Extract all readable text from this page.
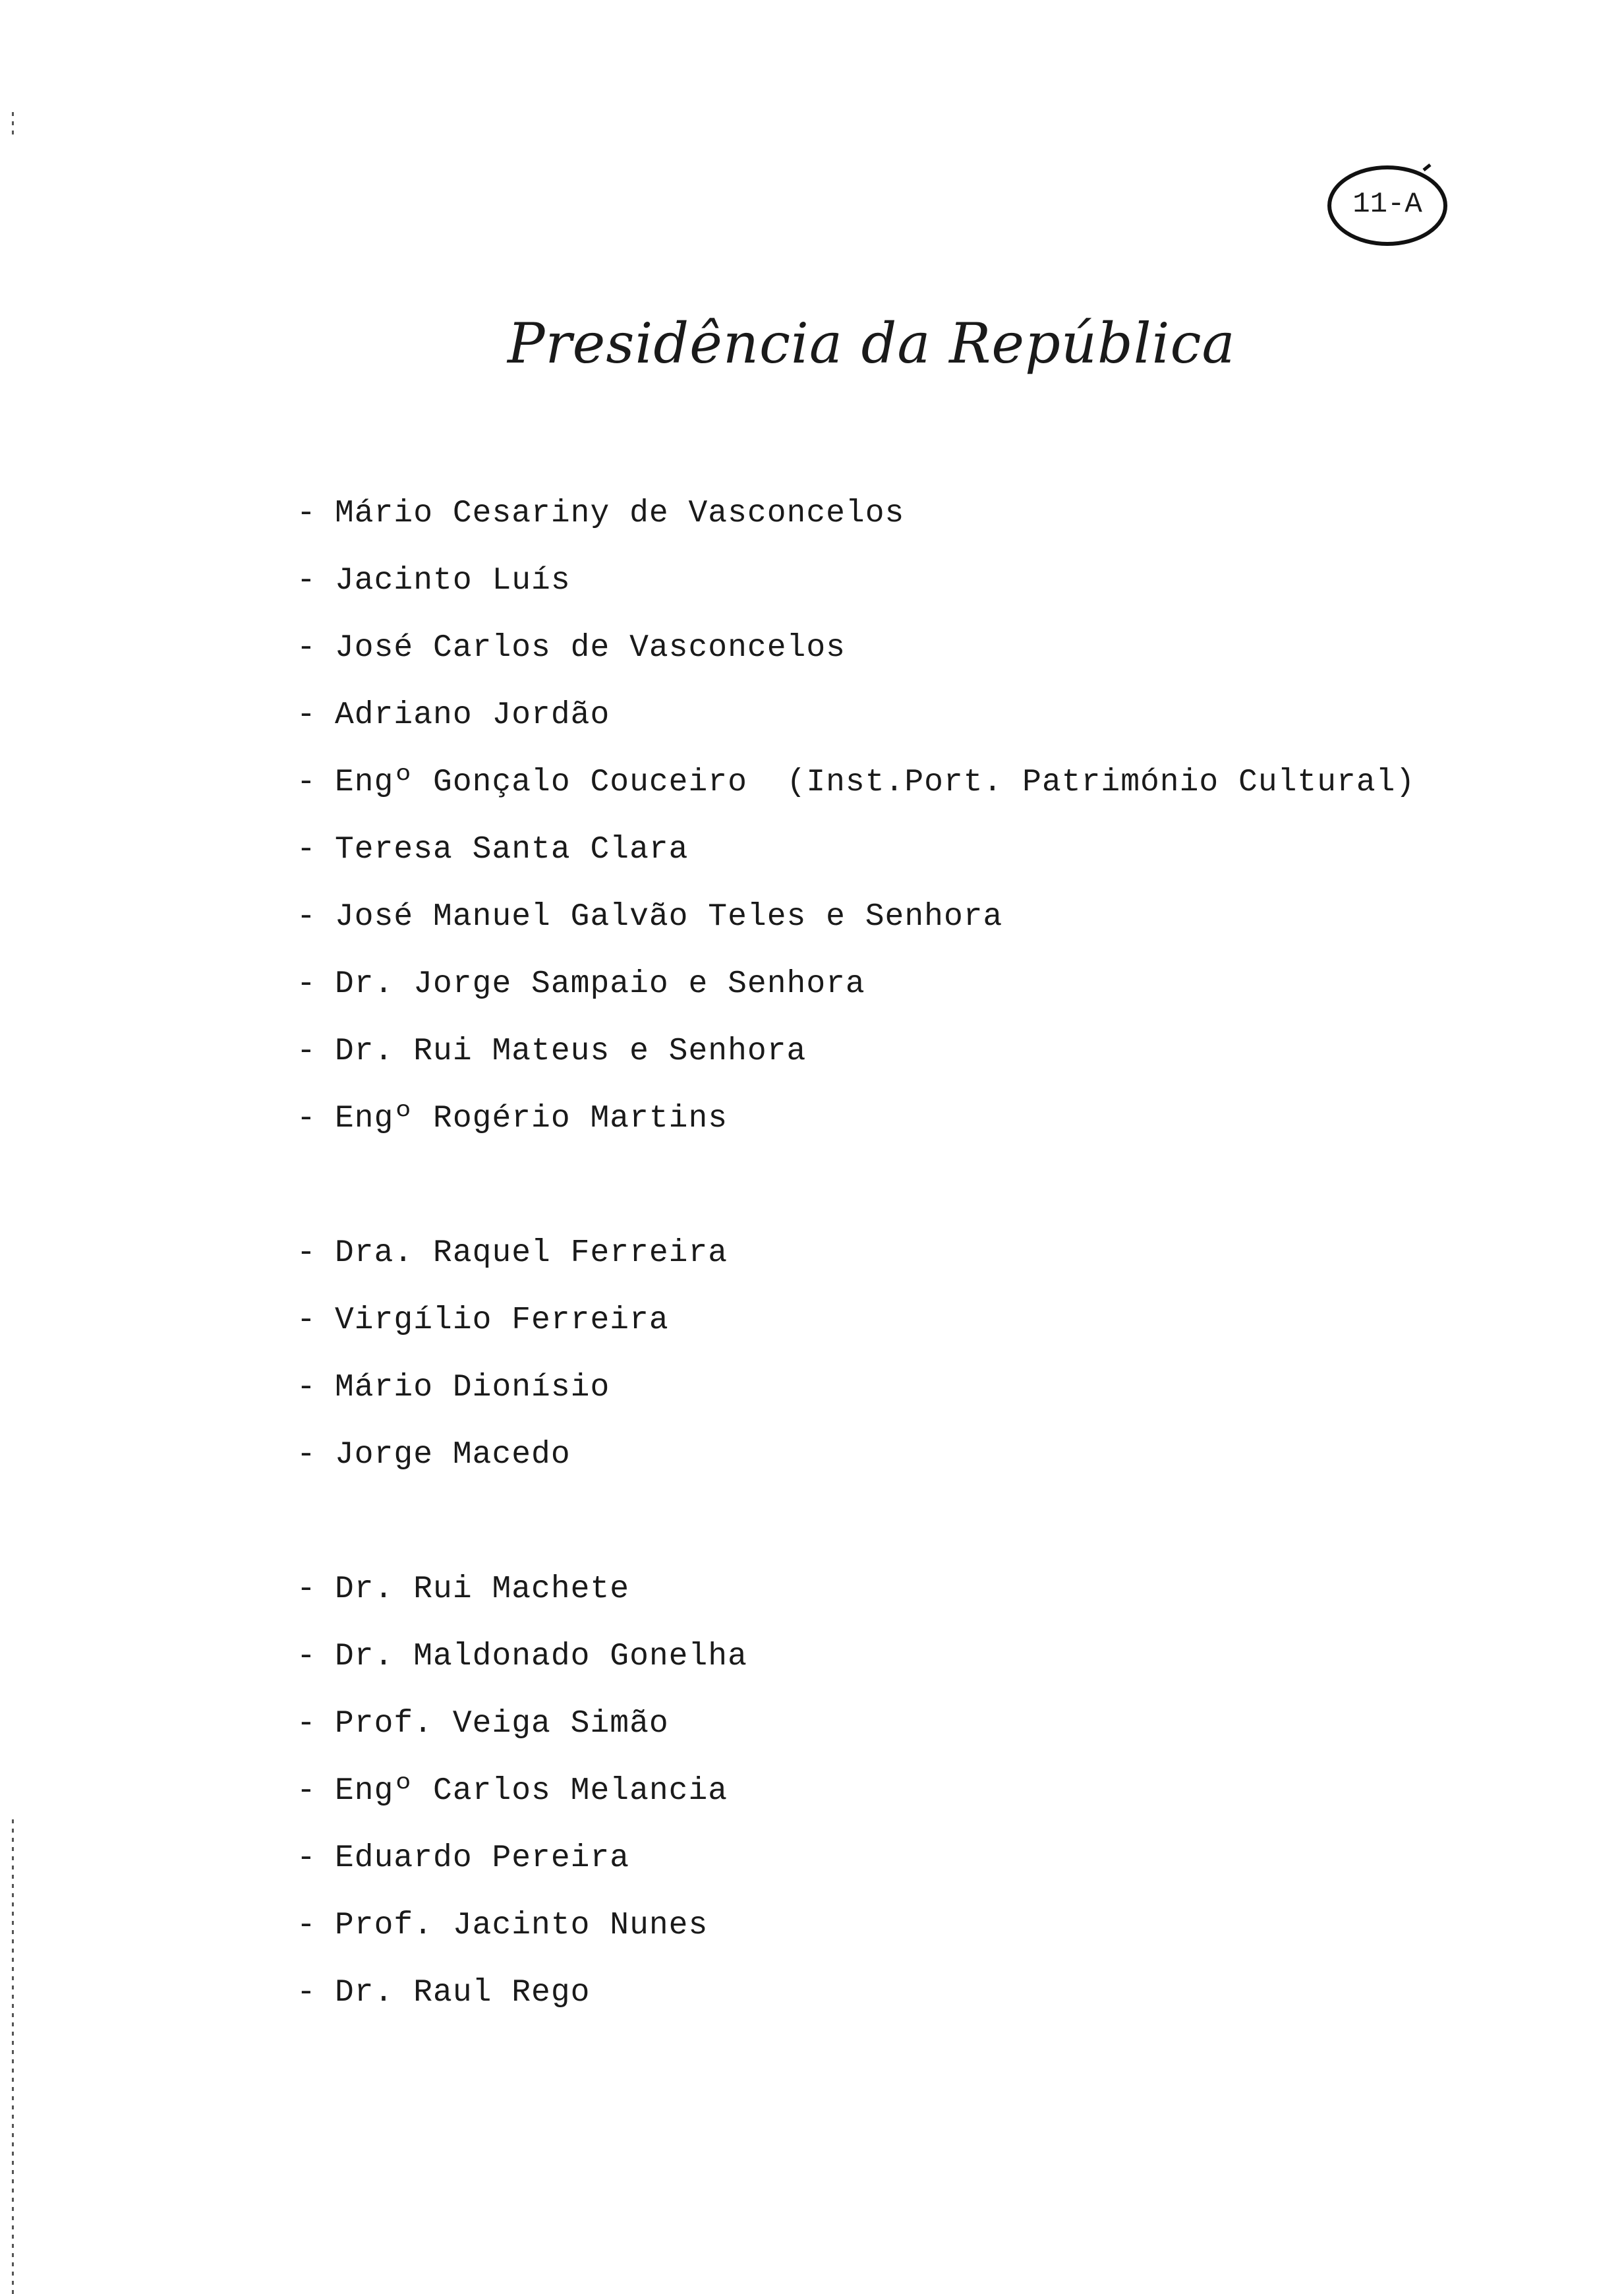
11-A
Presidência da República
- Mário Cesariny de Vasconcelos
- Jacinto Luís
- José Carlos de Vasconcelos
- Adriano Jordão
- Engº Gonçalo Couceiro  (Inst.Port. Património Cultural)
- Teresa Santa Clara
- José Manuel Galvão Teles e Senhora
- Dr. Jorge Sampaio e Senhora
- Dr. Rui Mateus e Senhora
- Engº Rogério Martins
- Dra. Raquel Ferreira
- Virgílio Ferreira
- Mário Dionísio
- Jorge Macedo
- Dr. Rui Machete
- Dr. Maldonado Gonelha
- Prof. Veiga Simão
- Engº Carlos Melancia
- Eduardo Pereira
- Prof. Jacinto Nunes
- Dr. Raul Rego
